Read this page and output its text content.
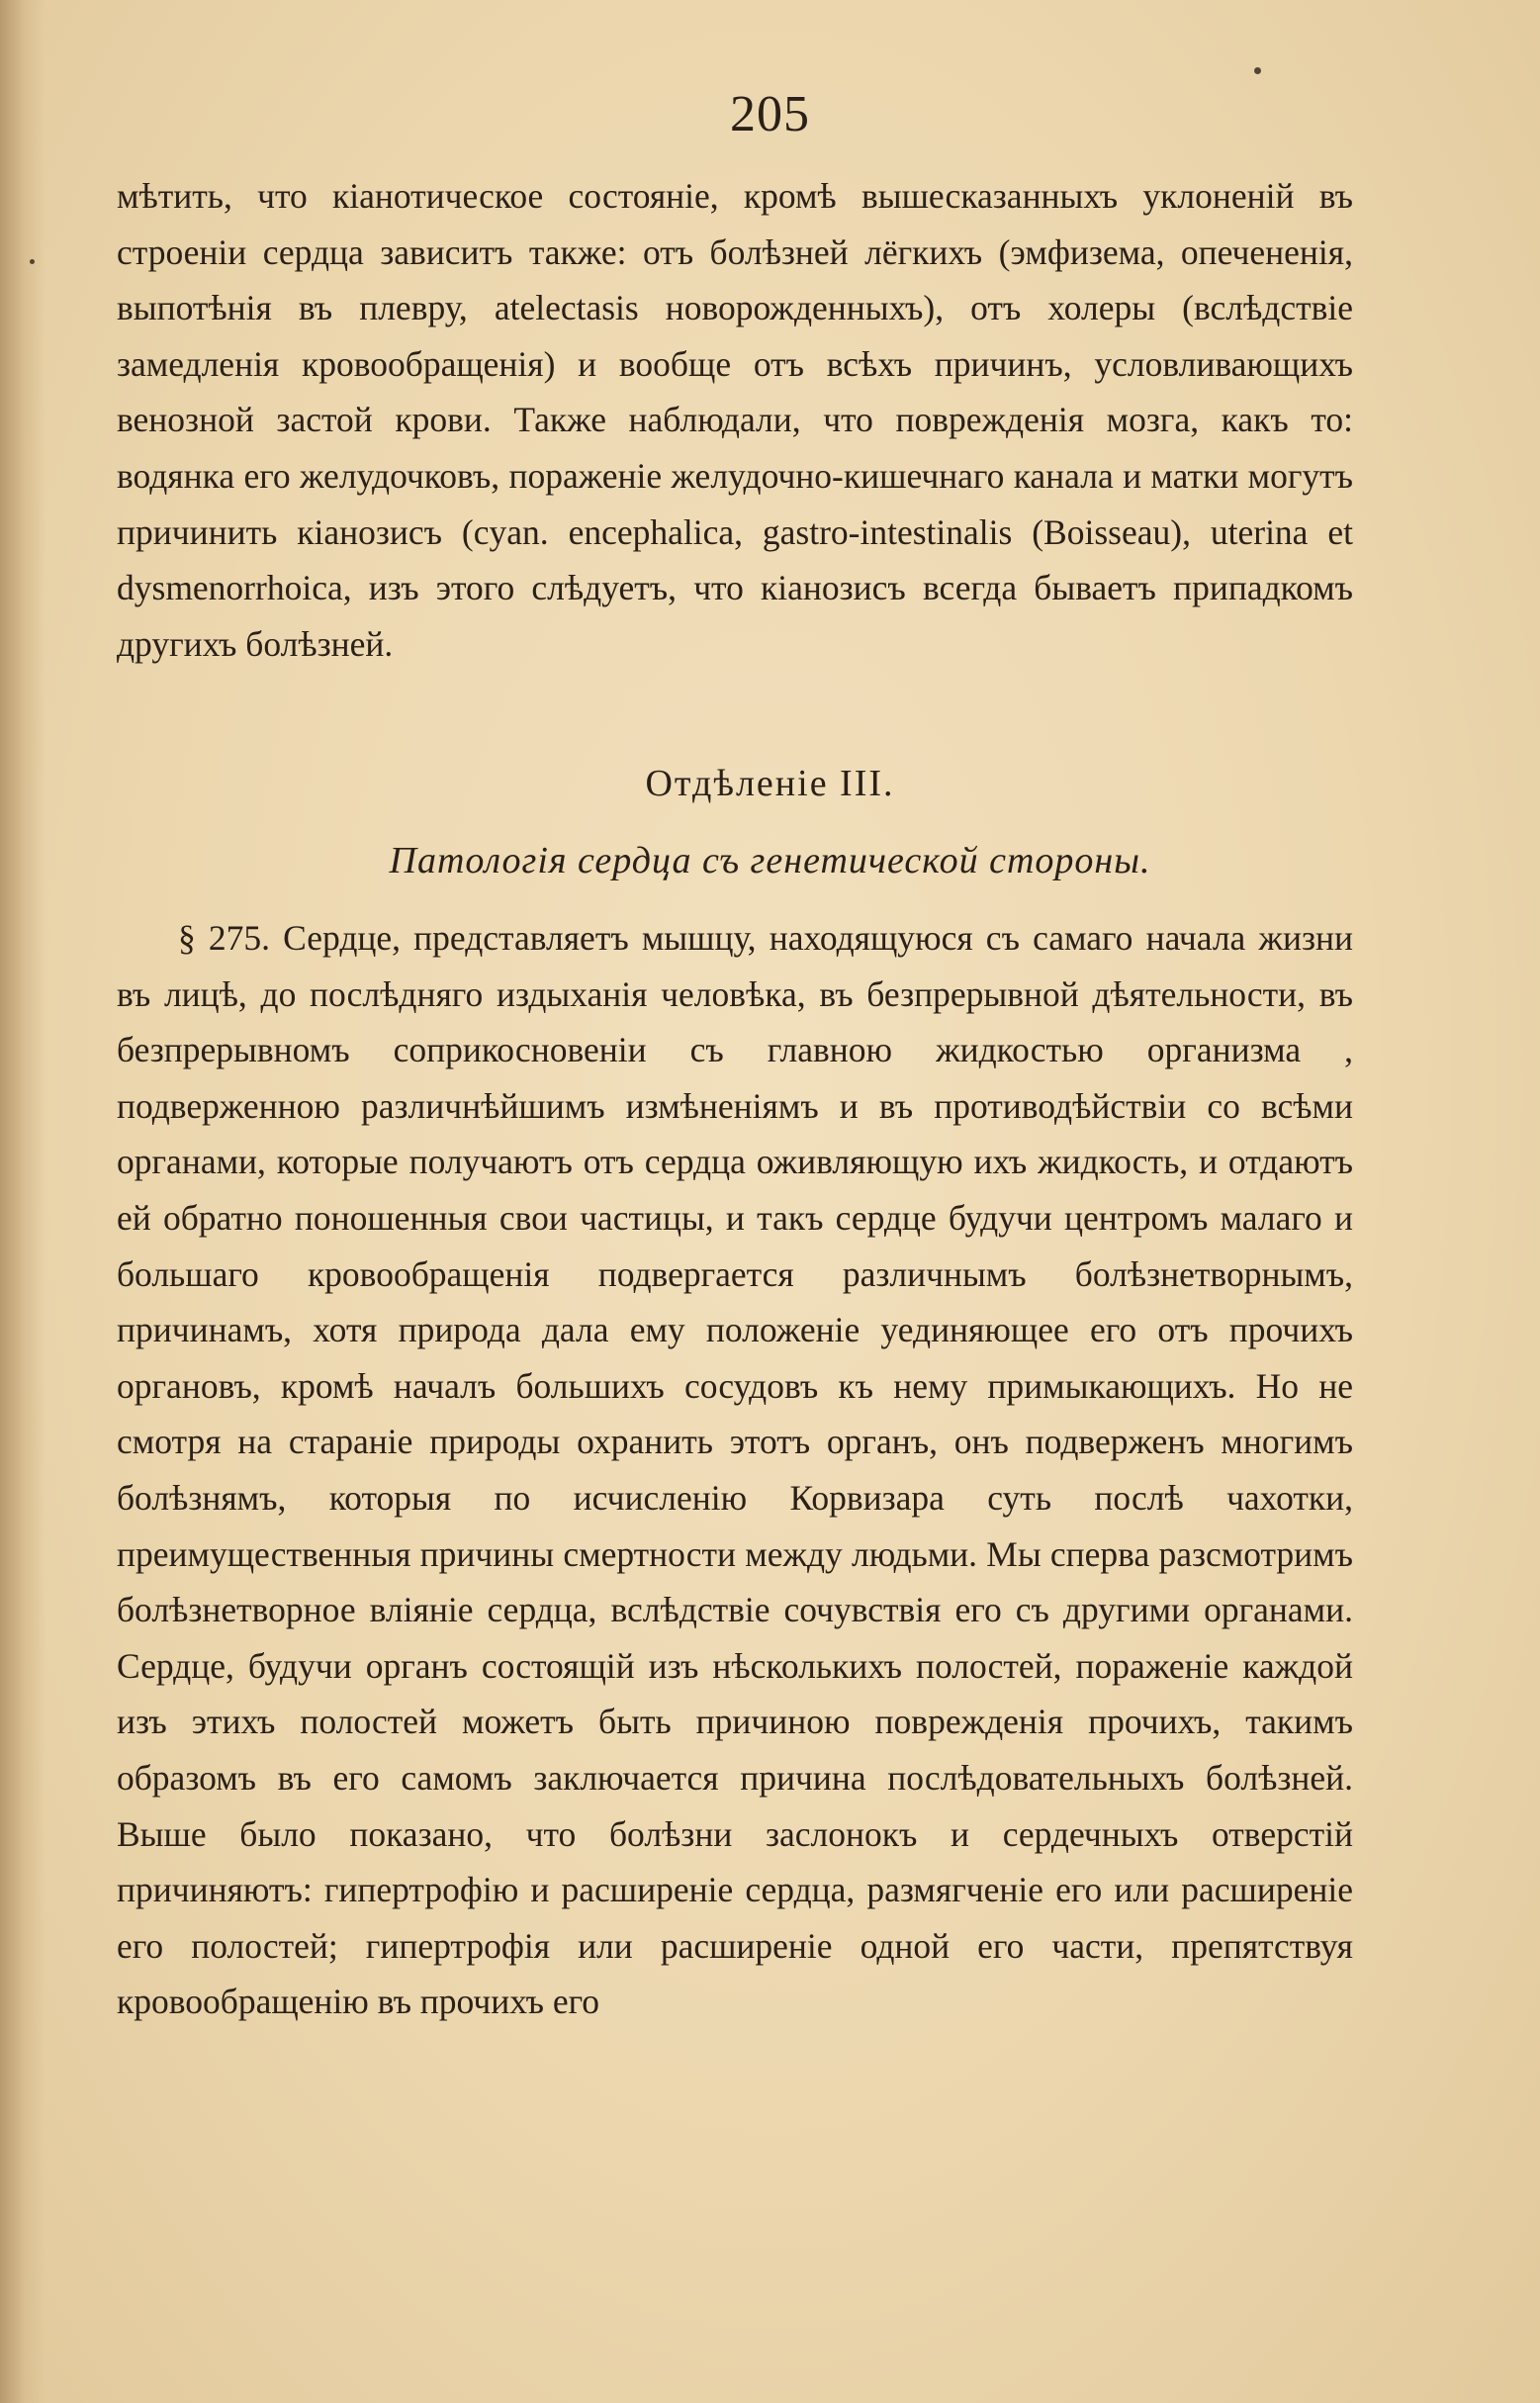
205

мѣтить, что кіанотическое состояніе, кромѣ вышесказанныхъ уклоненій въ строеніи сердца зависитъ также: отъ болѣзней лёгкихъ (эмфизема, опечененія, выпотѣнія въ плевру, atelectasis новорожденныхъ), отъ холеры (вслѣдствіе замедленія кровообращенія) и вообще отъ всѣхъ причинъ, условливающихъ венозной застой крови. Также наблюдали, что поврежденія мозга, какъ то: водянка его желудочковъ, пораженіе желудочно-кишечнаго канала и матки могутъ причинить кіанозисъ (cyan. encephalica, gastro-intestinalis (Boisseau), uterina et dysmenorrhoica, изъ этого слѣдуетъ, что кіанозисъ всегда бываетъ припадкомъ другихъ болѣзней.

Отдѣленіе III.
Патологія сердца съ генетической стороны.

§ 275. Сердце, представляетъ мышцу, находящуюся съ самаго начала жизни въ лицѣ, до послѣдняго издыханія человѣка, въ безпрерывной дѣятельности, въ безпрерывномъ соприкосновеніи съ главною жидкостью организма , подверженною различнѣйшимъ измѣненіямъ и въ противодѣйствіи со всѣми органами, которые получаютъ отъ сердца оживляющую ихъ жидкость, и отдаютъ ей обратно поношенныя свои частицы, и такъ сердце будучи центромъ малаго и большаго кровообращенія подвергается различнымъ болѣзнетворнымъ, причинамъ, хотя природа дала ему положеніе уединяющее его отъ прочихъ органовъ, кромѣ началъ большихъ сосудовъ къ нему примыкающихъ. Но не смотря на стараніе природы охранить этотъ органъ, онъ подверженъ многимъ болѣзнямъ, которыя по исчисленію Корвизара суть послѣ чахотки, преимущественныя причины смертности между людьми. Мы сперва разсмотримъ болѣзнетворное вліяніе сердца, вслѣдствіе сочувствія его съ другими органами. Сердце, будучи органъ состоящій изъ нѣсколькихъ полостей, пораженіе каждой изъ этихъ полостей можетъ быть причиною поврежденія прочихъ, такимъ образомъ въ его самомъ заключается причина послѣдовательныхъ болѣзней. Выше было показано, что болѣзни заслонокъ и сердечныхъ отверстій причиняютъ: гипертрофію и расширеніе сердца, размягченіе его или расширеніе его полостей; гипертрофія или расширеніе одной его части, препятствуя кровообращенію въ прочихъ его
